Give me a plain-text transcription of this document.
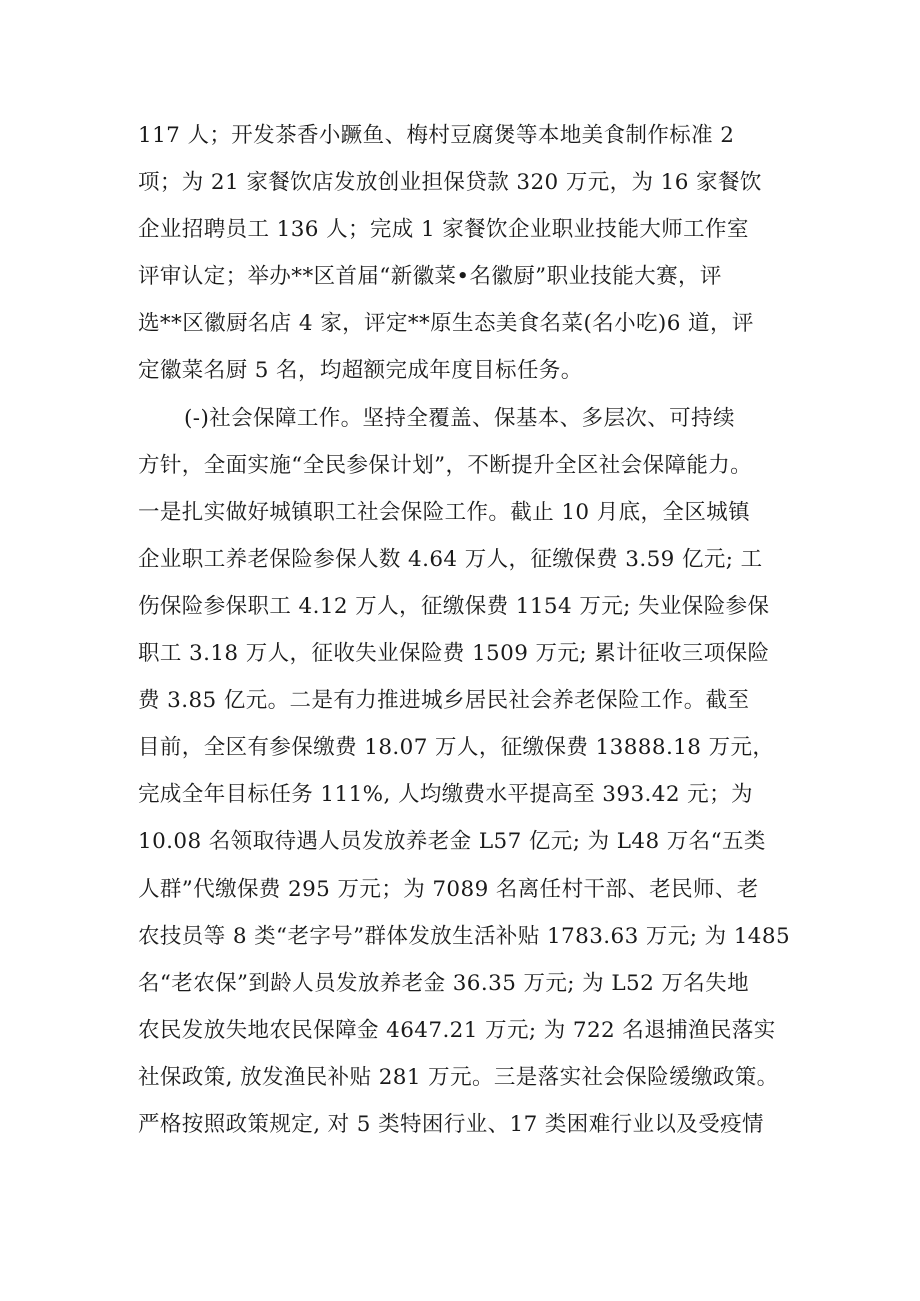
117 人；开发茶香小蹶鱼、梅村豆腐煲等本地美食制作标准 2
项；为 21 家餐饮店发放创业担保贷款 320 万元，为 16 家餐饮
企业招聘员工 136 人；完成 1 家餐饮企业职业技能大师工作室
评审认定；举办**区首届“新徽菜•名徽厨”职业技能大赛，评
选**区徽厨名店 4 家，评定**原生态美食名菜(名小吃)6 道，评
定徽菜名厨 5 名，均超额完成年度目标任务。
(-)社会保障工作。坚持全覆盖、保基本、多层次、可持续
方针，全面实施“全民参保计划”，不断提升全区社会保障能力。
一是扎实做好城镇职工社会保险工作。截止 10 月底，全区城镇
企业职工养老保险参保人数 4.64 万人，征缴保费 3.59 亿元; 工
伤保险参保职工 4.12 万人，征缴保费 1154 万元; 失业保险参保
职工 3.18 万人，征收失业保险费 1509 万元; 累计征收三项保险
费 3.85 亿元。二是有力推进城乡居民社会养老保险工作。截至
目前，全区有参保缴费 18.07 万人，征缴保费 13888.18 万元，
完成全年目标任务 111%, 人均缴费水平提高至 393.42 元；为
10.08 名领取待遇人员发放养老金 L57 亿元; 为 L48 万名“五类
人群”代缴保费 295 万元；为 7089 名离任村干部、老民师、老
农技员等 8 类“老字号”群体发放生活补贴 1783.63 万元; 为 1485
名“老农保”到龄人员发放养老金 36.35 万元; 为 L52 万名失地
农民发放失地农民保障金 4647.21 万元; 为 722 名退捕渔民落实
社保政策, 放发渔民补贴 281 万元。三是落实社会保险缓缴政策。
严格按照政策规定, 对 5 类特困行业、17 类困难行业以及受疫情
